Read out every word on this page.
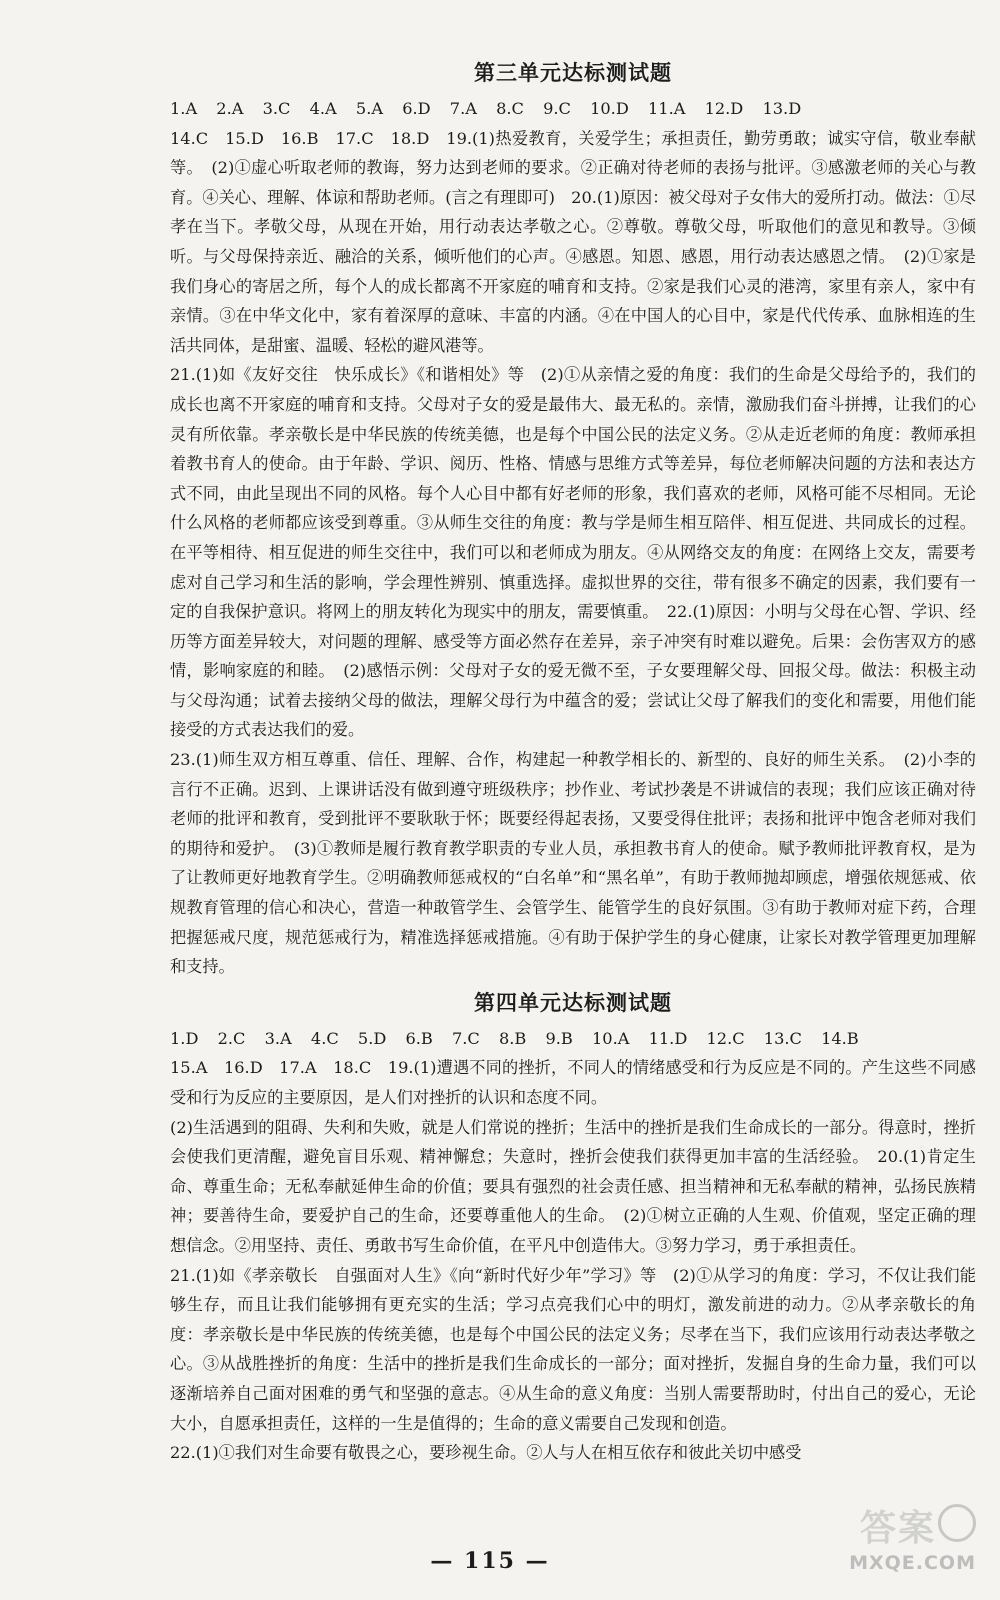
第三单元达标测试题
1.A 2.A 3.C 4.A 5.A 6.D 7.A 8.C 9.C 10.D 11.A 12.D 13.D

14.C　15.D　16.B　17.C　18.D　19.(1)热爱教育，关爱学生；承担责任，勤劳勇敢；诚实守信，敬业奉献等。　(2)①虚心听取老师的教诲，努力达到老师的要求。②正确对待老师的表扬与批评。③感激老师的关心与教育。④关心、理解、体谅和帮助老师。(言之有理即可)　20.(1)原因：被父母对子女伟大的爱所打动。做法：①尽孝在当下。孝敬父母，从现在开始，用行动表达孝敬之心。②尊敬。尊敬父母，听取他们的意见和教导。③倾听。与父母保持亲近、融洽的关系，倾听他们的心声。④感恩。知恩、感恩，用行动表达感恩之情。　(2)①家是我们身心的寄居之所，每个人的成长都离不开家庭的哺育和支持。②家是我们心灵的港湾，家里有亲人，家中有亲情。③在中华文化中，家有着深厚的意味、丰富的内涵。④在中国人的心目中，家是代代传承、血脉相连的生活共同体，是甜蜜、温暖、轻松的避风港等。

21.(1)如《友好交往　快乐成长》《和谐相处》等　(2)①从亲情之爱的角度：我们的生命是父母给予的，我们的成长也离不开家庭的哺育和支持。父母对子女的爱是最伟大、最无私的。亲情，激励我们奋斗拼搏，让我们的心灵有所依靠。孝亲敬长是中华民族的传统美德，也是每个中国公民的法定义务。②从走近老师的角度：教师承担着教书育人的使命。由于年龄、学识、阅历、性格、情感与思维方式等差异，每位老师解决问题的方法和表达方式不同，由此呈现出不同的风格。每个人心目中都有好老师的形象，我们喜欢的老师，风格可能不尽相同。无论什么风格的老师都应该受到尊重。③从师生交往的角度：教与学是师生相互陪伴、相互促进、共同成长的过程。在平等相待、相互促进的师生交往中，我们可以和老师成为朋友。④从网络交友的角度：在网络上交友，需要考虑对自己学习和生活的影响，学会理性辨别、慎重选择。虚拟世界的交往，带有很多不确定的因素，我们要有一定的自我保护意识。将网上的朋友转化为现实中的朋友，需要慎重。　22.(1)原因：小明与父母在心智、学识、经历等方面差异较大，对问题的理解、感受等方面必然存在差异，亲子冲突有时难以避免。后果：会伤害双方的感情，影响家庭的和睦。　(2)感悟示例：父母对子女的爱无微不至，子女要理解父母、回报父母。做法：积极主动与父母沟通；试着去接纳父母的做法，理解父母行为中蕴含的爱；尝试让父母了解我们的变化和需要，用他们能接受的方式表达我们的爱。

23.(1)师生双方相互尊重、信任、理解、合作，构建起一种教学相长的、新型的、良好的师生关系。　(2)小李的言行不正确。迟到、上课讲话没有做到遵守班级秩序；抄作业、考试抄袭是不讲诚信的表现；我们应该正确对待老师的批评和教育，受到批评不要耿耿于怀；既要经得起表扬，又要受得住批评；表扬和批评中饱含老师对我们的期待和爱护。　(3)①教师是履行教育教学职责的专业人员，承担教书育人的使命。赋予教师批评教育权，是为了让教师更好地教育学生。②明确教师惩戒权的“白名单”和“黑名单”，有助于教师抛却顾虑，增强依规惩戒、依规教育管理的信心和决心，营造一种敢管学生、会管学生、能管学生的良好氛围。③有助于教师对症下药，合理把握惩戒尺度，规范惩戒行为，精准选择惩戒措施。④有助于保护学生的身心健康，让家长对教学管理更加理解和支持。

第四单元达标测试题
1.D 2.C 3.A 4.C 5.D 6.B 7.C 8.B 9.B 10.A 11.D 12.C 13.C 14.B

15.A　16.D　17.A　18.C　19.(1)遭遇不同的挫折，不同人的情绪感受和行为反应是不同的。产生这些不同感受和行为反应的主要原因，是人们对挫折的认识和态度不同。

(2)生活遇到的阻碍、失利和失败，就是人们常说的挫折；生活中的挫折是我们生命成长的一部分。得意时，挫折会使我们更清醒，避免盲目乐观、精神懈怠；失意时，挫折会使我们获得更加丰富的生活经验。　20.(1)肯定生命、尊重生命；无私奉献延伸生命的价值；要具有强烈的社会责任感、担当精神和无私奉献的精神，弘扬民族精神；要善待生命，要爱护自己的生命，还要尊重他人的生命。　(2)①树立正确的人生观、价值观，坚定正确的理想信念。②用坚持、责任、勇敢书写生命价值，在平凡中创造伟大。③努力学习，勇于承担责任。

21.(1)如《孝亲敬长　自强面对人生》《向“新时代好少年”学习》等　(2)①从学习的角度：学习，不仅让我们能够生存，而且让我们能够拥有更充实的生活；学习点亮我们心中的明灯，激发前进的动力。②从孝亲敬长的角度：孝亲敬长是中华民族的传统美德，也是每个中国公民的法定义务；尽孝在当下，我们应该用行动表达孝敬之心。③从战胜挫折的角度：生活中的挫折是我们生命成长的一部分；面对挫折，发掘自身的生命力量，我们可以逐渐培养自己面对困难的勇气和坚强的意志。④从生命的意义角度：当别人需要帮助时，付出自己的爱心，无论大小，自愿承担责任，这样的一生是值得的；生命的意义需要自己发现和创造。

22.(1)①我们对生命要有敬畏之心，要珍视生命。②人与人在相互依存和彼此关切中感受

— 115 —
答案
MXQE.COM
